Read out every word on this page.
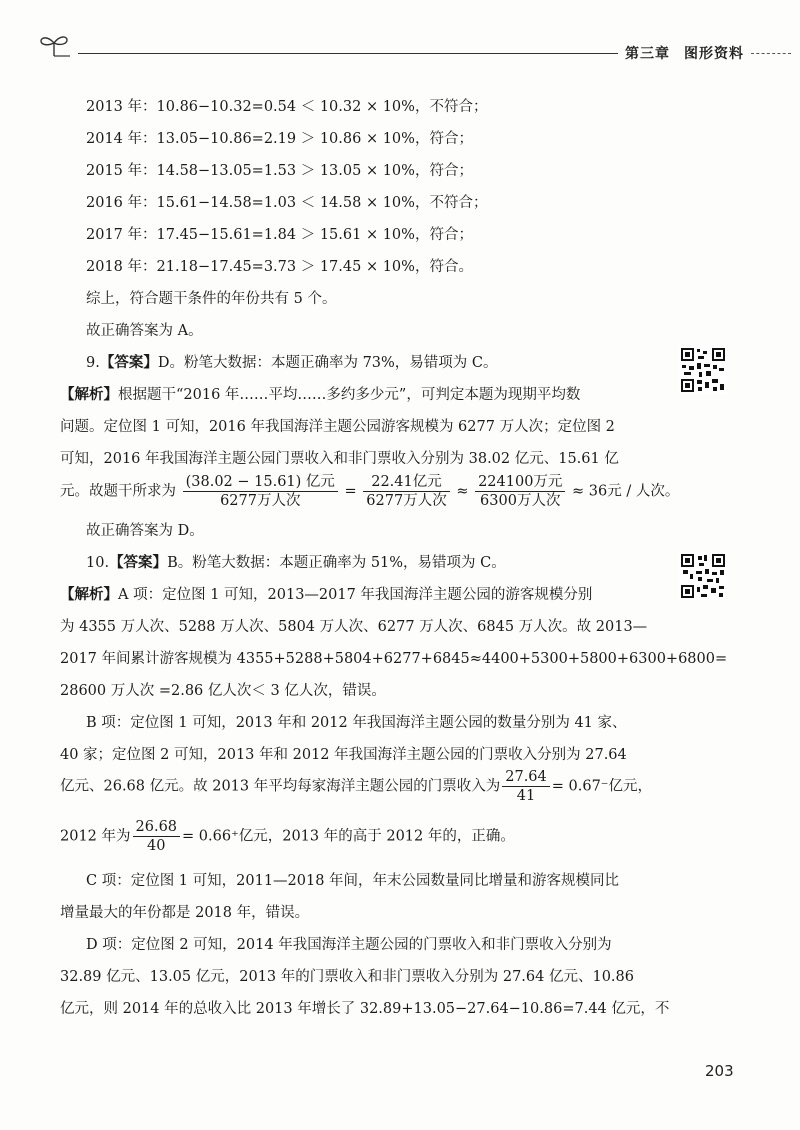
第三章 图形资料
2013 年：10.86−10.32=0.54 ＜ 10.32 × 10%，不符合；
2014 年：13.05−10.86=2.19 ＞ 10.86 × 10%，符合；
2015 年：14.58−13.05=1.53 ＞ 13.05 × 10%，符合；
2016 年：15.61−14.58=1.03 ＜ 14.58 × 10%，不符合；
2017 年：17.45−15.61=1.84 ＞ 15.61 × 10%，符合；
2018 年：21.18−17.45=3.73 ＞ 17.45 × 10%，符合。
综上，符合题干条件的年份共有 5 个。
故正确答案为 A。
9.【答案】D。粉笔大数据：本题正确率为 73%，易错项为 C。
【解析】根据题干“2016 年……平均……多约多少元”，可判定本题为现期平均数
问题。定位图 1 可知，2016 年我国海洋主题公园游客规模为 6277 万人次；定位图 2
可知，2016 年我国海洋主题公园门票收入和非门票收入分别为 38.02 亿元、15.61 亿
元。故题干所求为 $\frac{\text{(38.02 − 15.61) 亿元}}{\text{6277万人次}} = \frac{\text{22.41亿元}}{\text{6277万人次}} \approx \frac{\text{224100万元}}{\text{6300万人次}} \approx 36$元 / 人次。
故正确答案为 D。
10.【答案】B。粉笔大数据：本题正确率为 51%，易错项为 C。
【解析】A 项：定位图 1 可知，2013—2017 年我国海洋主题公园的游客规模分别
为 4355 万人次、5288 万人次、5804 万人次、6277 万人次、6845 万人次。故 2013—
2017 年间累计游客规模为 4355+5288+5804+6277+6845≈4400+5300+5800+6300+6800=
28600 万人次 =2.86 亿人次＜ 3 亿人次，错误。
B 项：定位图 1 可知，2013 年和 2012 年我国海洋主题公园的数量分别为 41 家、
40 家；定位图 2 可知，2013 年和 2012 年我国海洋主题公园的门票收入分别为 27.64
亿元、26.68 亿元。故 2013 年平均每家海洋主题公园的门票收入为 $\frac{27.64}{41} = 0.67^-$亿元，
2012 年为 $\frac{26.68}{40} = 0.66^+$亿元，2013 年的高于 2012 年的，正确。
C 项：定位图 1 可知，2011—2018 年间，年末公园数量同比增量和游客规模同比
增量最大的年份都是 2018 年，错误。
D 项：定位图 2 可知，2014 年我国海洋主题公园的门票收入和非门票收入分别为
32.89 亿元、13.05 亿元，2013 年的门票收入和非门票收入分别为 27.64 亿元、10.86
亿元，则 2014 年的总收入比 2013 年增长了 32.89+13.05−27.64−10.86=7.44 亿元，不
203
